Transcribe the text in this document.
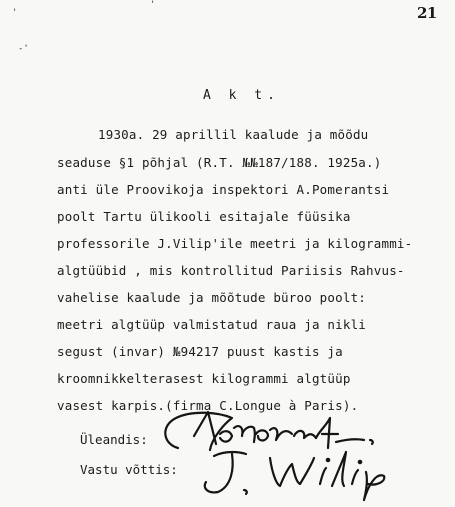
21
'
-'
'
A k t.
1930a. 29 aprillil kaalude ja mõõdu
seaduse §1 põhjal (R.T. №№187/188. 1925a.)
anti üle Proovikoja inspektori A.Pomerantsi
poolt Tartu ülikooli esitajale füüsika
professorile J.Vilip'ile meetri ja kilogrammi-
algtüübid , mis kontrollitud Pariisis Rahvus-
vahelise kaalude ja mõõtude büroo poolt:
meetri algtüüp valmistatud raua ja nikli
segust (invar) №94217 puust kastis ja
kroomnikkelterasest kilogrammi algtüüp
vasest karpis.(firma C.Longue à Paris).
Üleandis:
Vastu võttis:
